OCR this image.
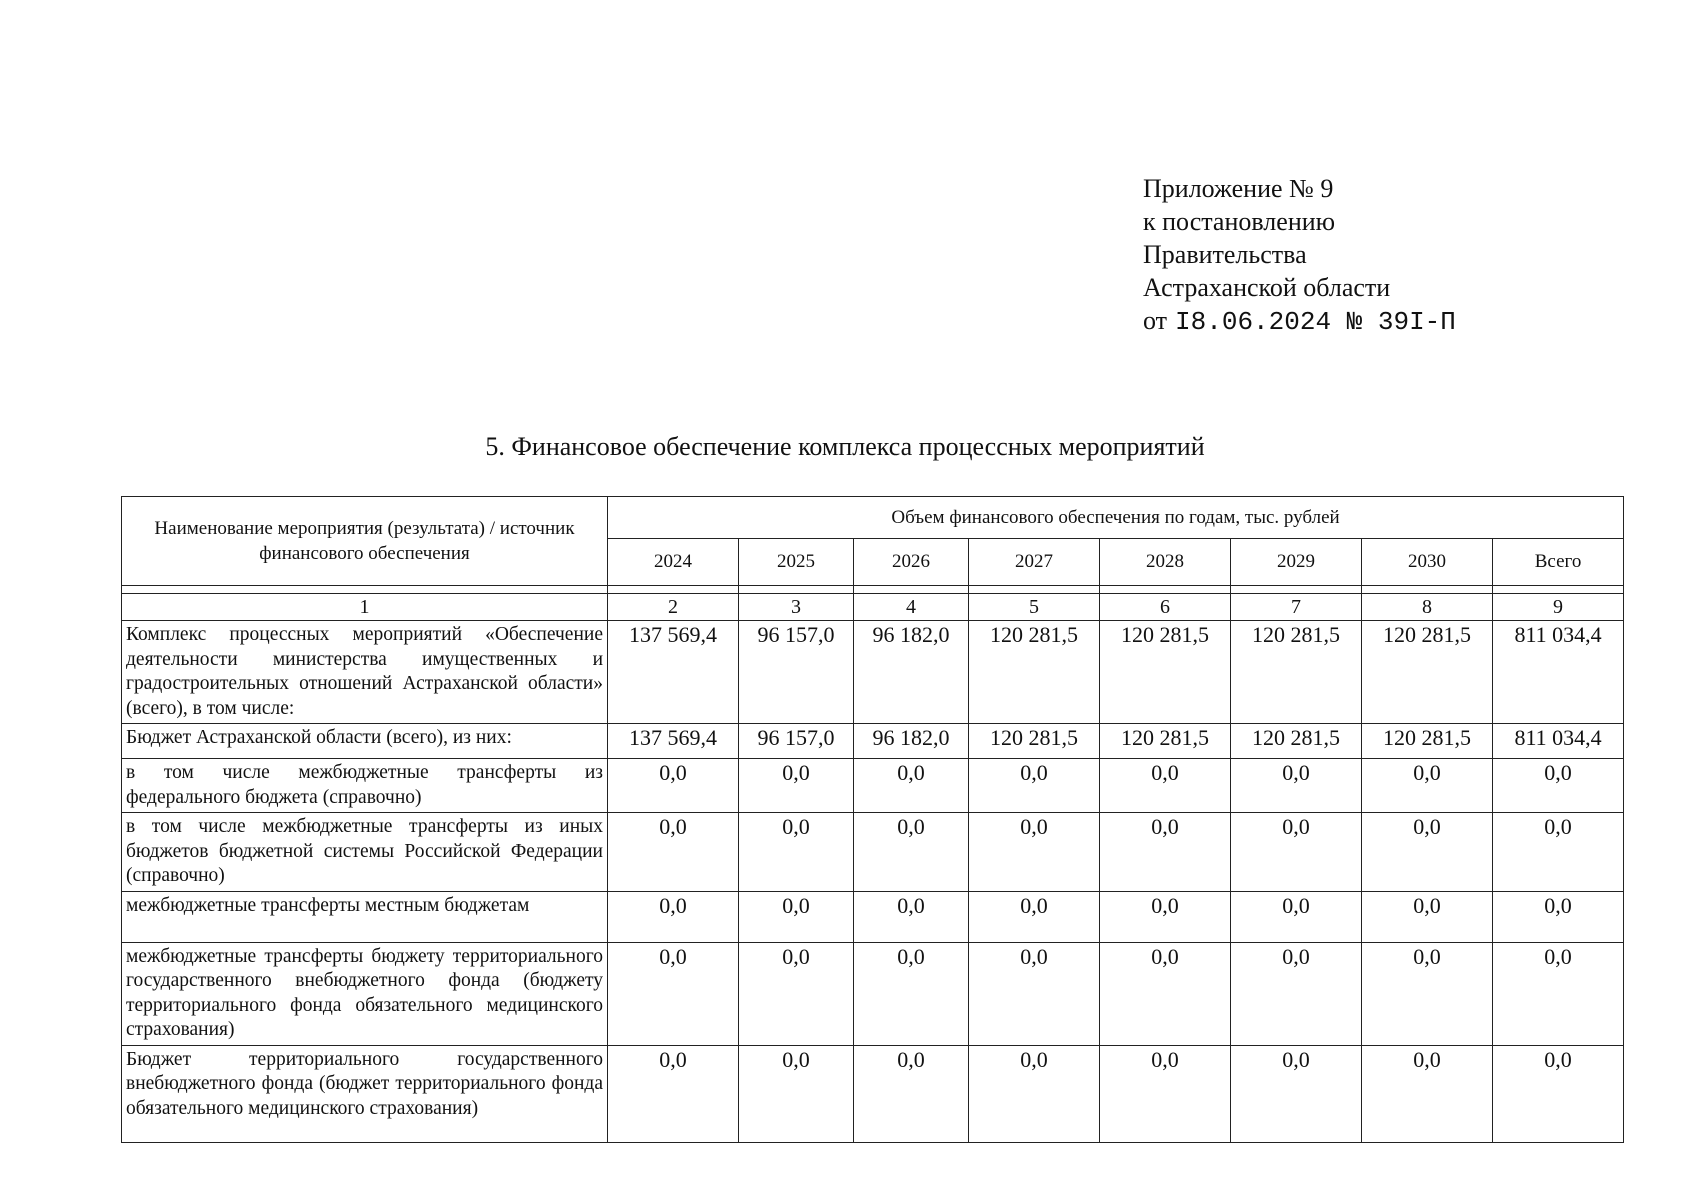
Приложение № 9
к постановлению
Правительства
Астраханской области
от I8.06.2024 № 39I-П
5. Финансовое обеспечение комплекса процессных мероприятий
Наименование мероприятия (результата) / источник финансового обеспечения	Объем финансового обеспечения по годам, тыс. рублей							
	2024	2025	2026	2027	2028	2029	2030	Всего

1	2	3	4	5	6	7	8	9
Комплекс процессных мероприятий «Обеспечение деятельности министерства имущественных и градостроительных отношений Астраханской области» (всего), в том числе:	137 569,4	96 157,0	96 182,0	120 281,5	120 281,5	120 281,5	120 281,5	811 034,4
Бюджет Астраханской области (всего), из них:	137 569,4	96 157,0	96 182,0	120 281,5	120 281,5	120 281,5	120 281,5	811 034,4
в том числе межбюджетные трансферты из федерального бюджета (справочно)	0,0	0,0	0,0	0,0	0,0	0,0	0,0	0,0
в том числе межбюджетные трансферты из иных бюджетов бюджетной системы Российской Федерации (справочно)	0,0	0,0	0,0	0,0	0,0	0,0	0,0	0,0
межбюджетные трансферты местным бюджетам	0,0	0,0	0,0	0,0	0,0	0,0	0,0	0,0
межбюджетные трансферты бюджету территориального государственного внебюджетного фонда (бюджету территориального фонда обязательного медицинского страхования)	0,0	0,0	0,0	0,0	0,0	0,0	0,0	0,0
Бюджет территориального государственного внебюджетного фонда (бюджет территориального фонда обязательного медицинского страхования)	0,0	0,0	0,0	0,0	0,0	0,0	0,0	0,0
